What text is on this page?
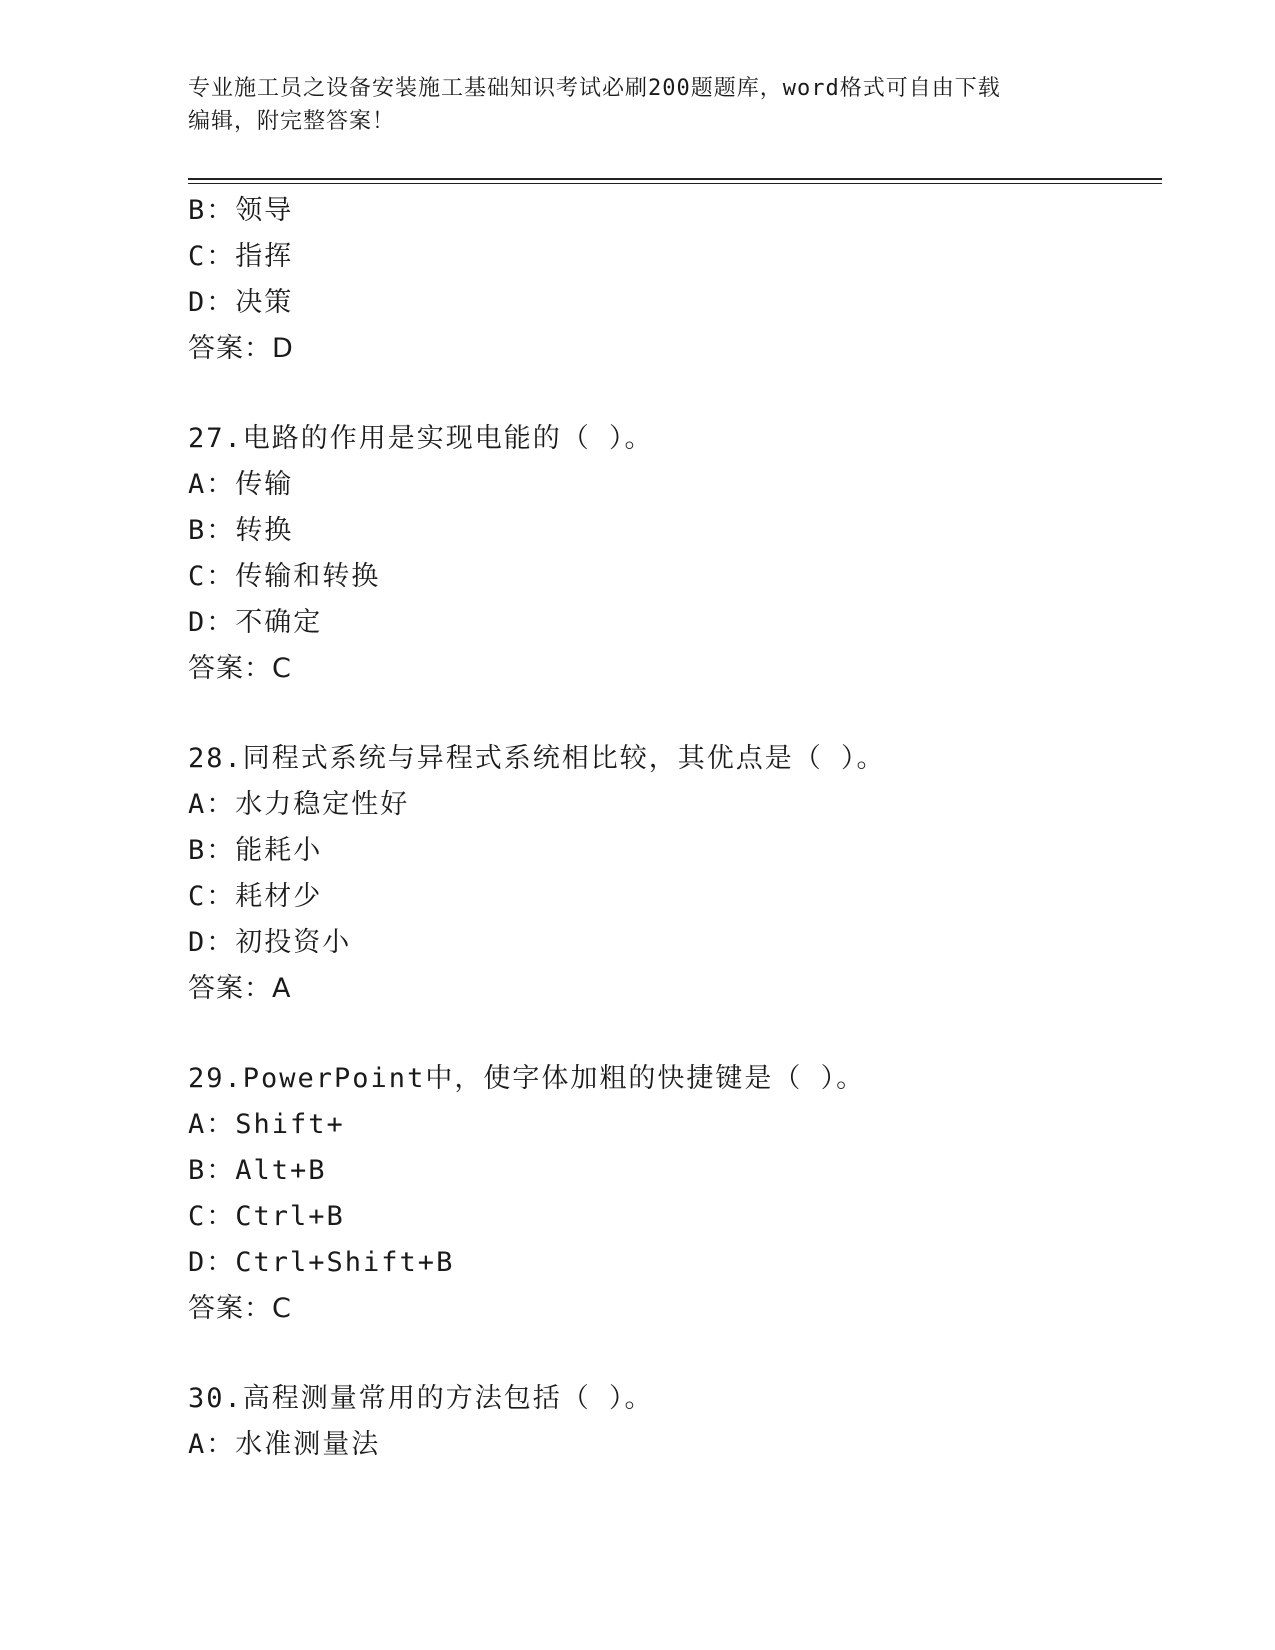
专业施工员之设备安装施工基础知识考试必刷200题题库，word格式可自由下载
编辑，附完整答案！
B：领导
C：指挥
D：决策
答案：D
27.电路的作用是实现电能的（ ）。
A：传输
B：转换
C：传输和转换
D：不确定
答案：C
28.同程式系统与异程式系统相比较，其优点是（ ）。
A：水力稳定性好
B：能耗小
C：耗材少
D：初投资小
答案：A
29.PowerPoint中，使字体加粗的快捷键是（ ）。
A：Shift+
B：Alt+B
C：Ctrl+B
D：Ctrl+Shift+B
答案：C
30.高程测量常用的方法包括（ ）。
A：水准测量法
